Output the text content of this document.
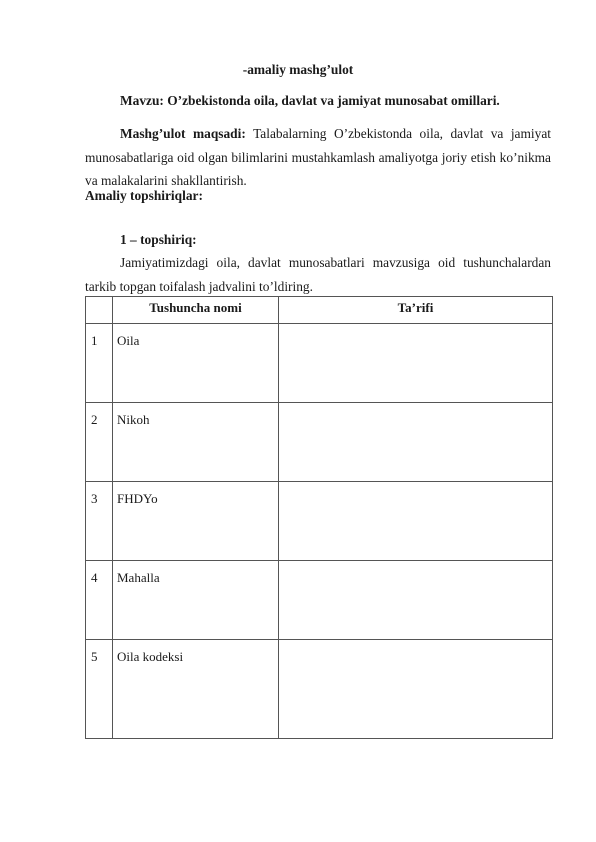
-amaliy mashg’ulot
Mavzu: O’zbekistonda oila, davlat va jamiyat munosabat omillari.
Mashg’ulot maqsadi: Talabalarning O’zbekistonda oila, davlat va jamiyat munosabatlariga oid olgan bilimlarini mustahkamlash amaliyotga joriy etish ko’nikma va malakalarini shakllantirish.
Amaliy topshiriqlar:
1 – topshiriq:
Jamiyatimizdagi oila, davlat munosabatlari mavzusiga oid tushunchalardan tarkib topgan toifalash jadvalini to’ldiring.
	Tushuncha nomi	Ta’rifi
1	Oila	
2	Nikoh	
3	FHDYo	
4	Mahalla	
5	Oila kodeksi	
